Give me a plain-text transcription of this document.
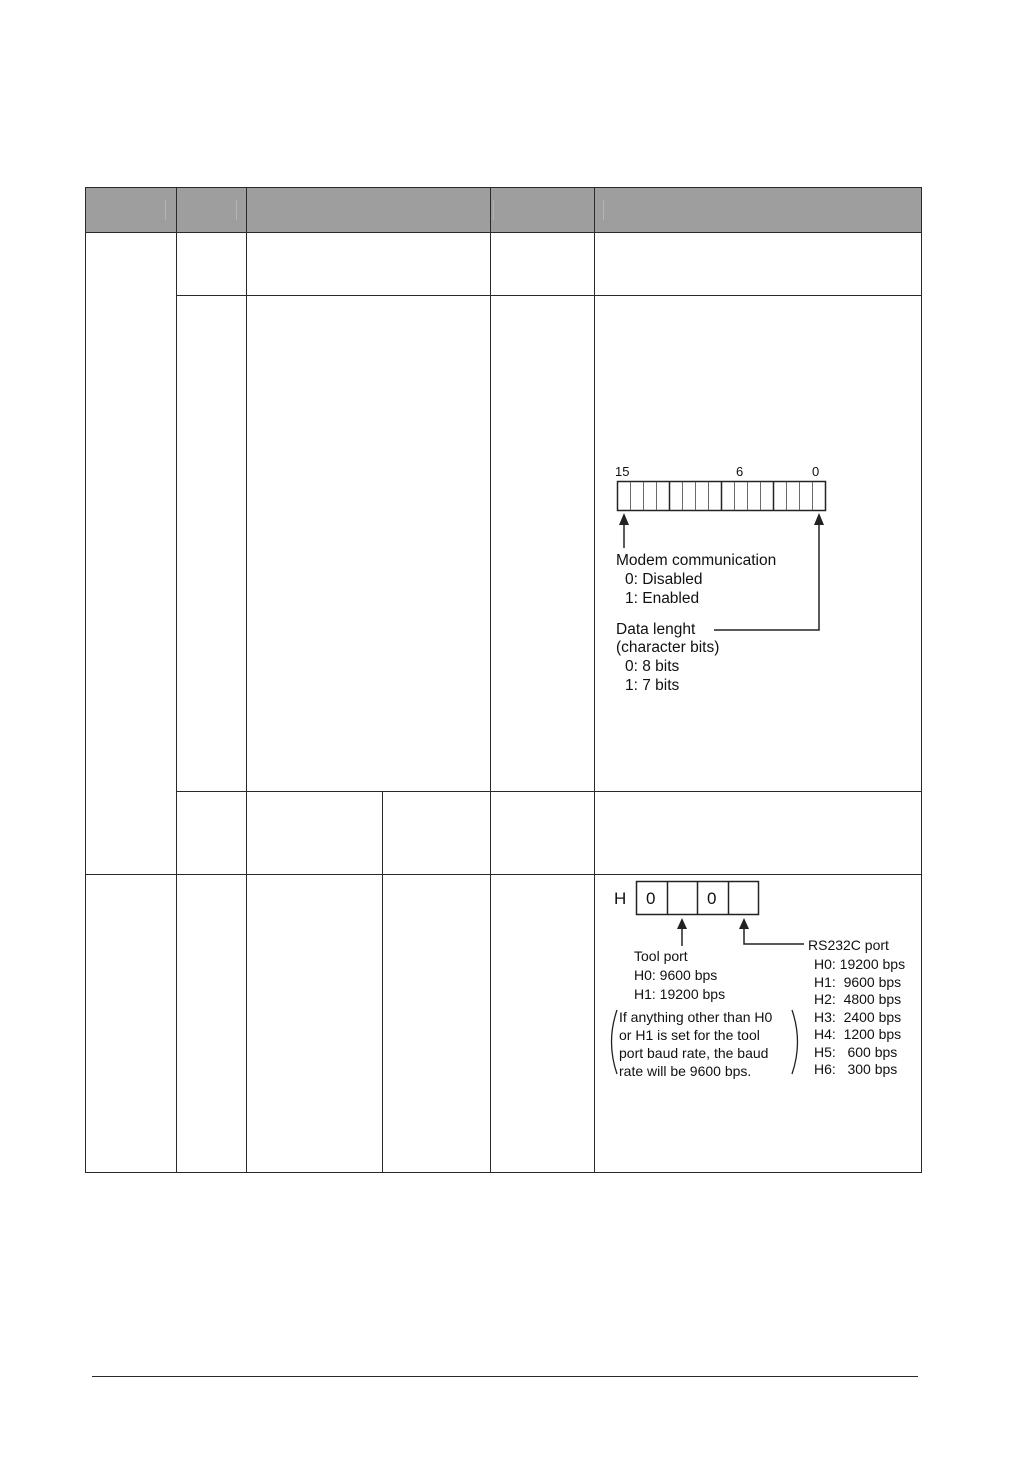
15	6	0
Modem communication
0: Disabled
1: Enabled
Data lenght
(character bits)
0: 8 bits
1: 7 bits
H 0	0
Tool port
H0: 9600 bps
H1: 19200 bps
If anything other than H0
or H1 is set for the tool
port baud rate, the baud
rate will be 9600 bps.
RS232C port
H0: 19200 bps
H1:  9600 bps
H2:  4800 bps
H3:  2400 bps
H4:  1200 bps
H5:   600 bps
H6:   300 bps
